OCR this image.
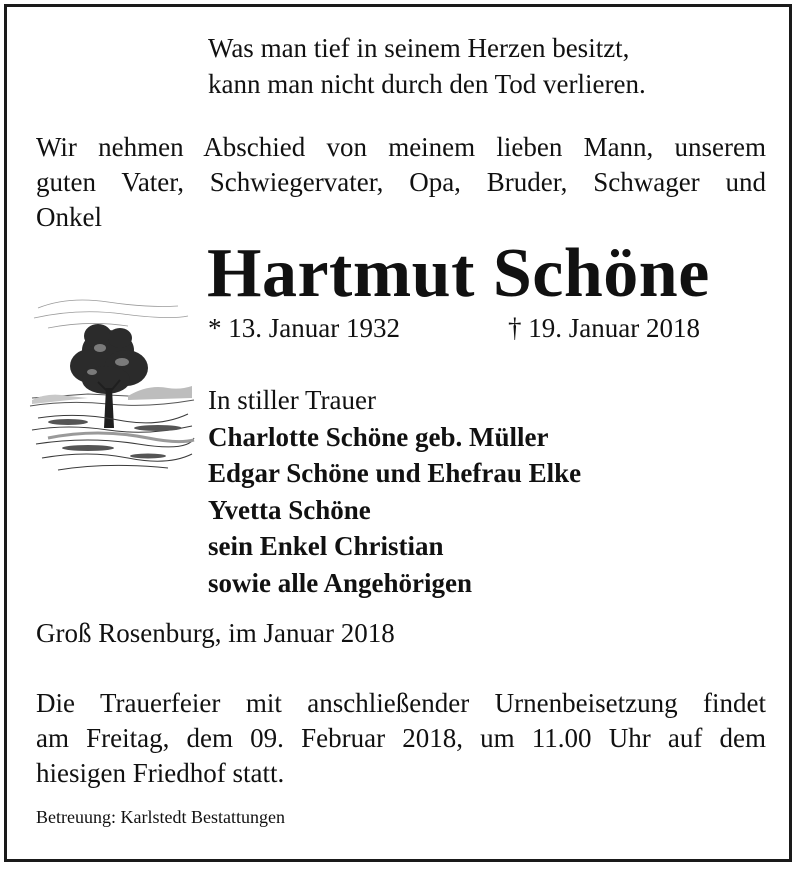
Was man tief in seinem Herzen besitzt,
kann man nicht durch den Tod verlieren.
Wir nehmen Abschied von meinem lieben Mann, unserem
guten Vater, Schwiegervater, Opa, Bruder, Schwager und
Onkel
Hartmut Schöne
* 13. Januar 1932	† 19. Januar 2018
In stiller Trauer
Charlotte Schöne geb. Müller
Edgar Schöne und Ehefrau Elke
Yvetta Schöne
sein Enkel Christian
sowie alle Angehörigen
Groß Rosenburg, im Januar 2018
Die Trauerfeier mit anschließender Urnenbeisetzung findet
am Freitag, dem 09. Februar 2018, um 11.00 Uhr auf dem
hiesigen Friedhof statt.
Betreuung: Karlstedt Bestattungen
